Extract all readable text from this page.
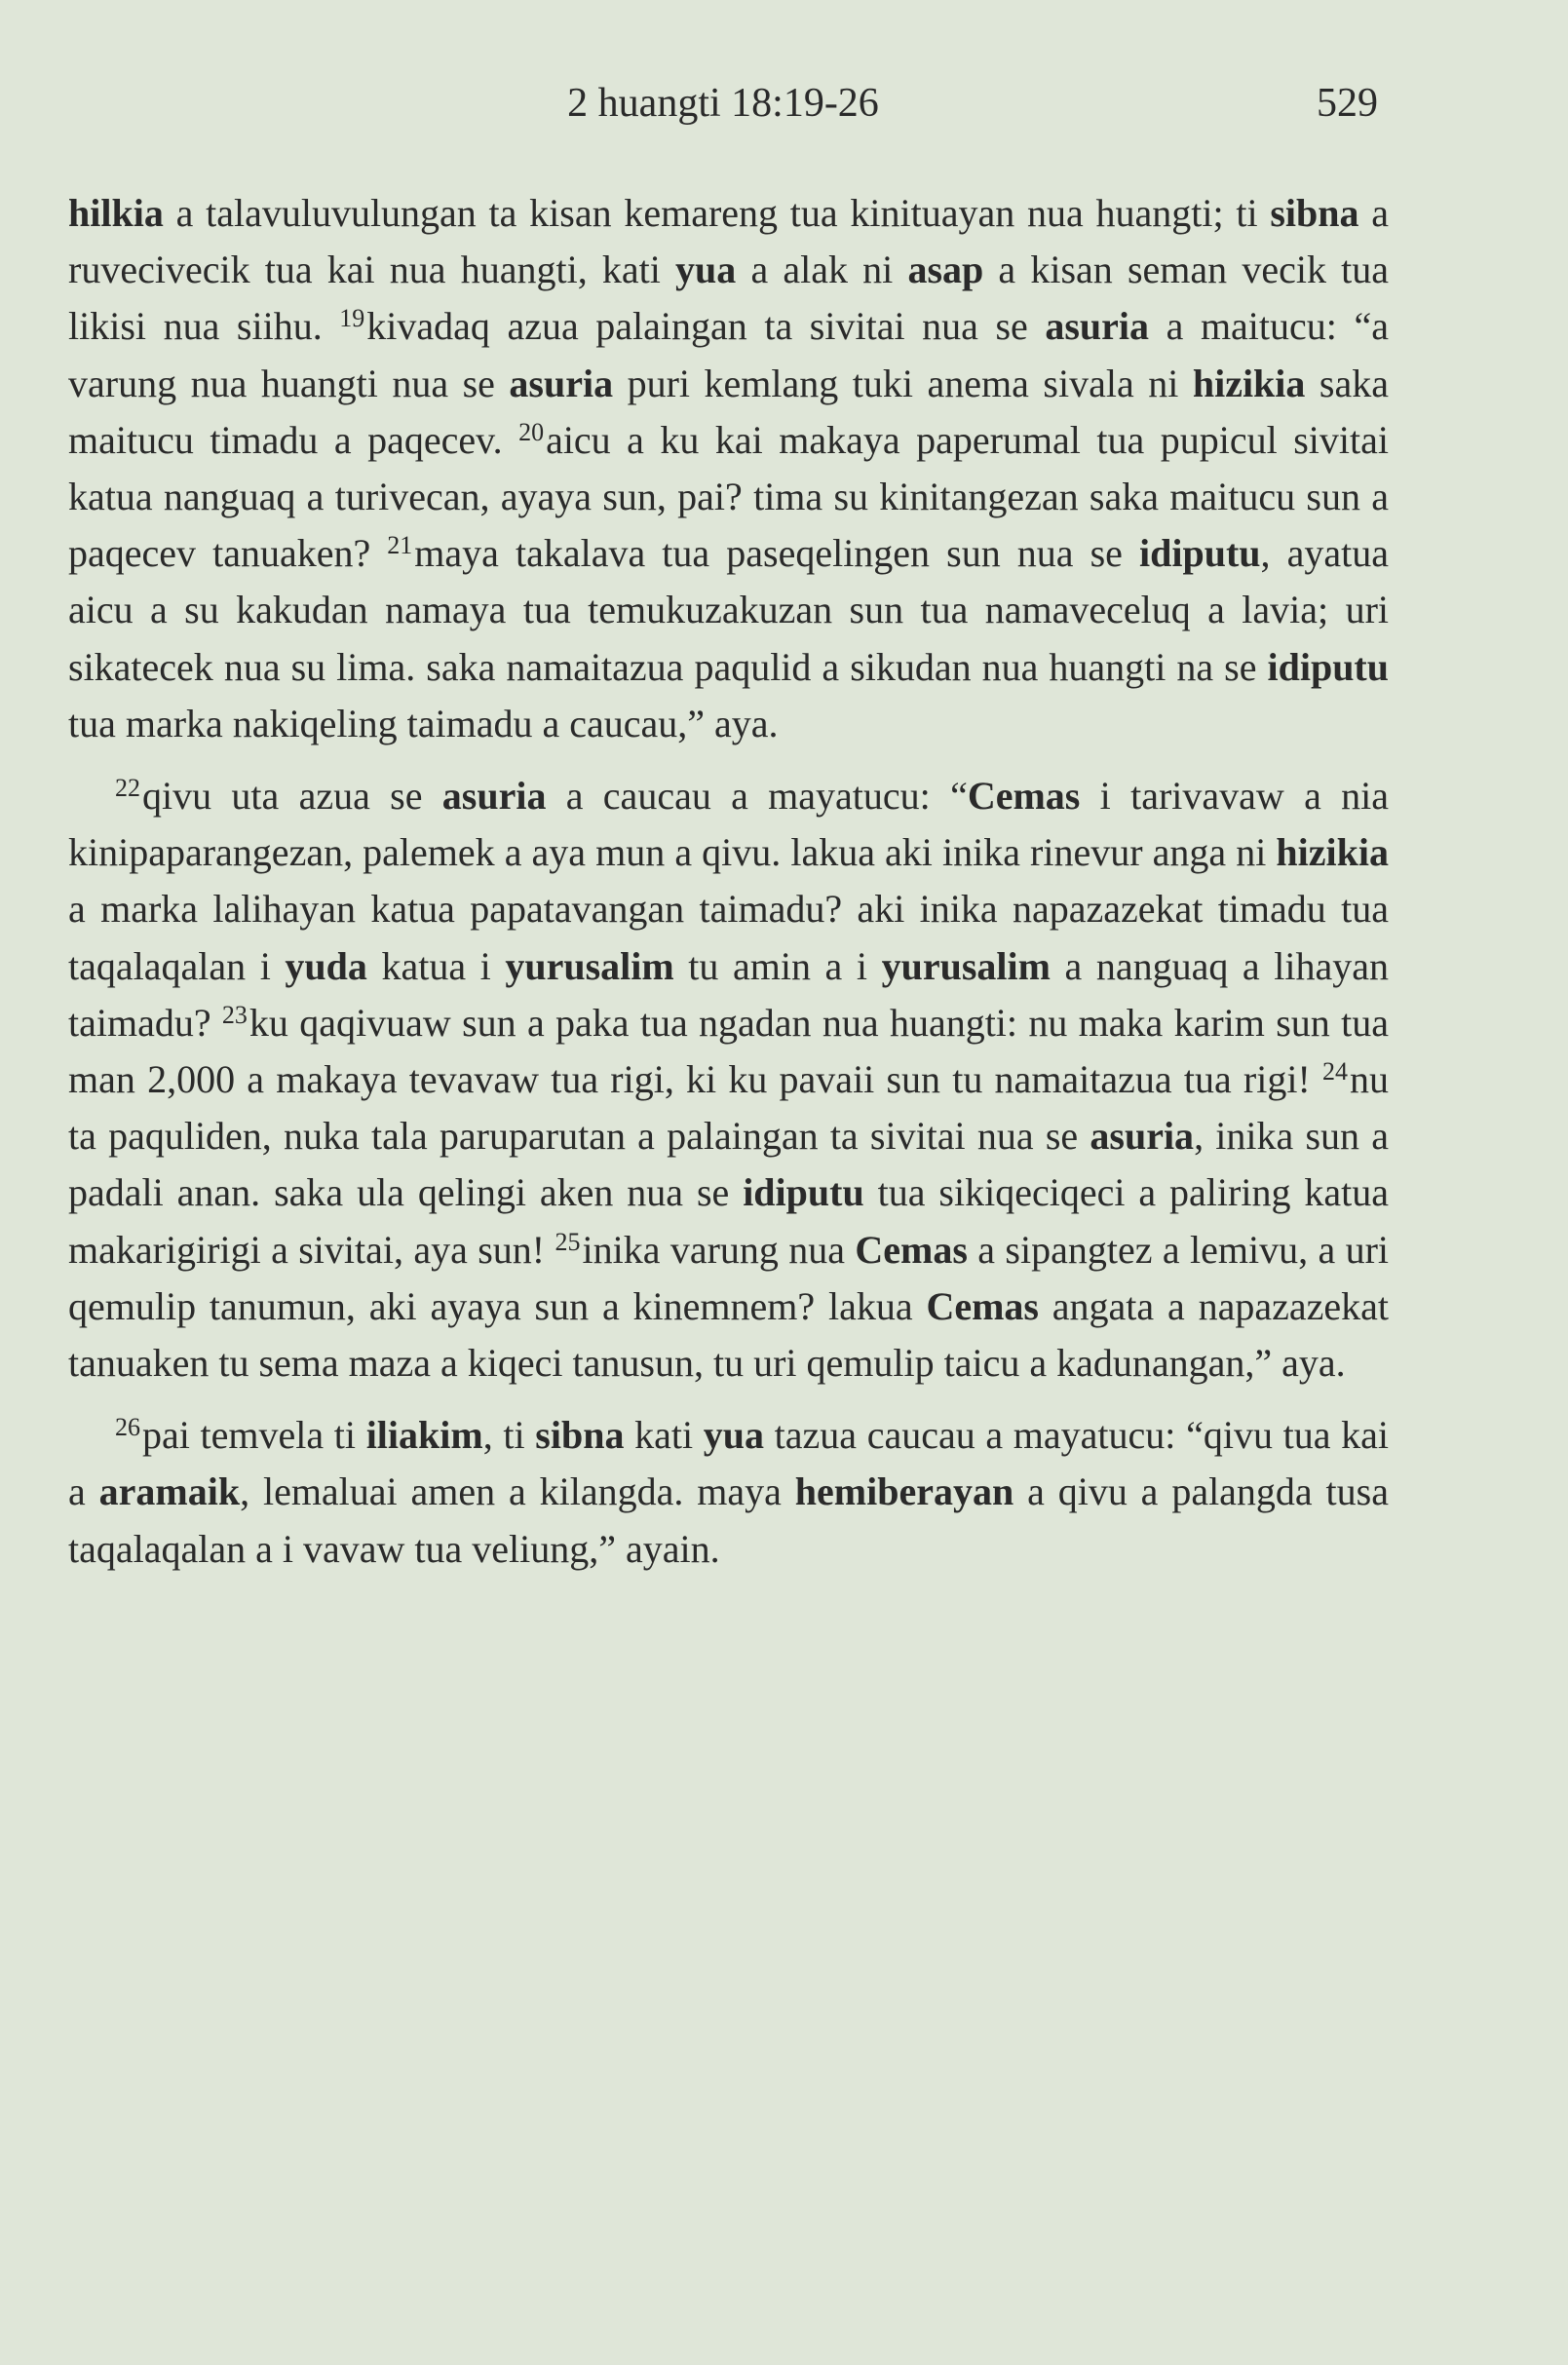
2 huangti 18:19-26	529

hilkia a talavuluvulungan ta kisan kemareng tua kinituayan nua huangti; ti sibna a ruvecivecik tua kai nua huangti, kati yua a alak ni asap a kisan seman vecik tua likisi nua siihu. $^{19}$kivadaq azua palaingan ta sivitai nua se asuria a maitucu: “a varung nua huangti nua se asuria puri kemlang tuki anema sivala ni hizikia saka maitucu timadu a paqecev. $^{20}$aicu a ku kai makaya paperumal tua pupicul sivitai katua nanguaq a turivecan, ayaya sun, pai? tima su kinitangezan saka maitucu sun a paqecev tanuaken? $^{21}$maya takalava tua paseqelingen sun nua se idiputu, ayatua aicu a su kakudan namaya tua temukuzakuzan sun tua namaveceluq a lavia; uri sikatecek nua su lima. saka namaitazua paqulid a sikudan nua huangti na se idiputu tua marka nakiqeling taimadu a caucau,” aya.

$^{22}$qivu uta azua se asuria a caucau a mayatucu: “Cemas i tarivavaw a nia kinipaparangezan, palemek a aya mun a qivu. lakua aki inika rinevur anga ni hizikia a marka lalihayan katua papatavangan taimadu? aki inika napazazekat timadu tua taqalaqalan i yuda katua i yurusalim tu amin a i yurusalim a nanguaq a lihayan taimadu? $^{23}$ku qaqivuaw sun a paka tua ngadan nua huangti: nu maka karim sun tua man 2,000 a makaya tevavaw tua rigi, ki ku pavaii sun tu namaitazua tua rigi! $^{24}$nu ta paquliden, nuka tala paruparutan a palaingan ta sivitai nua se asuria, inika sun a padali anan. saka ula qelingi aken nua se idiputu tua sikiqeciqeci a paliring katua makarigirigi a sivitai, aya sun! $^{25}$inika varung nua Cemas a sipangtez a lemivu, a uri qemulip tanumun, aki ayaya sun a kinemnem? lakua Cemas angata a napazazekat tanuaken tu sema maza a kiqeci tanusun, tu uri qemulip taicu a kadunangan,” aya.

$^{26}$pai temvela ti iliakim, ti sibna kati yua tazua caucau a mayatucu: “qivu tua kai a aramaik, lemaluai amen a kilangda. maya hemiberayan a qivu a palangda tusa taqalaqalan a i vavaw tua veliung,” ayain.
